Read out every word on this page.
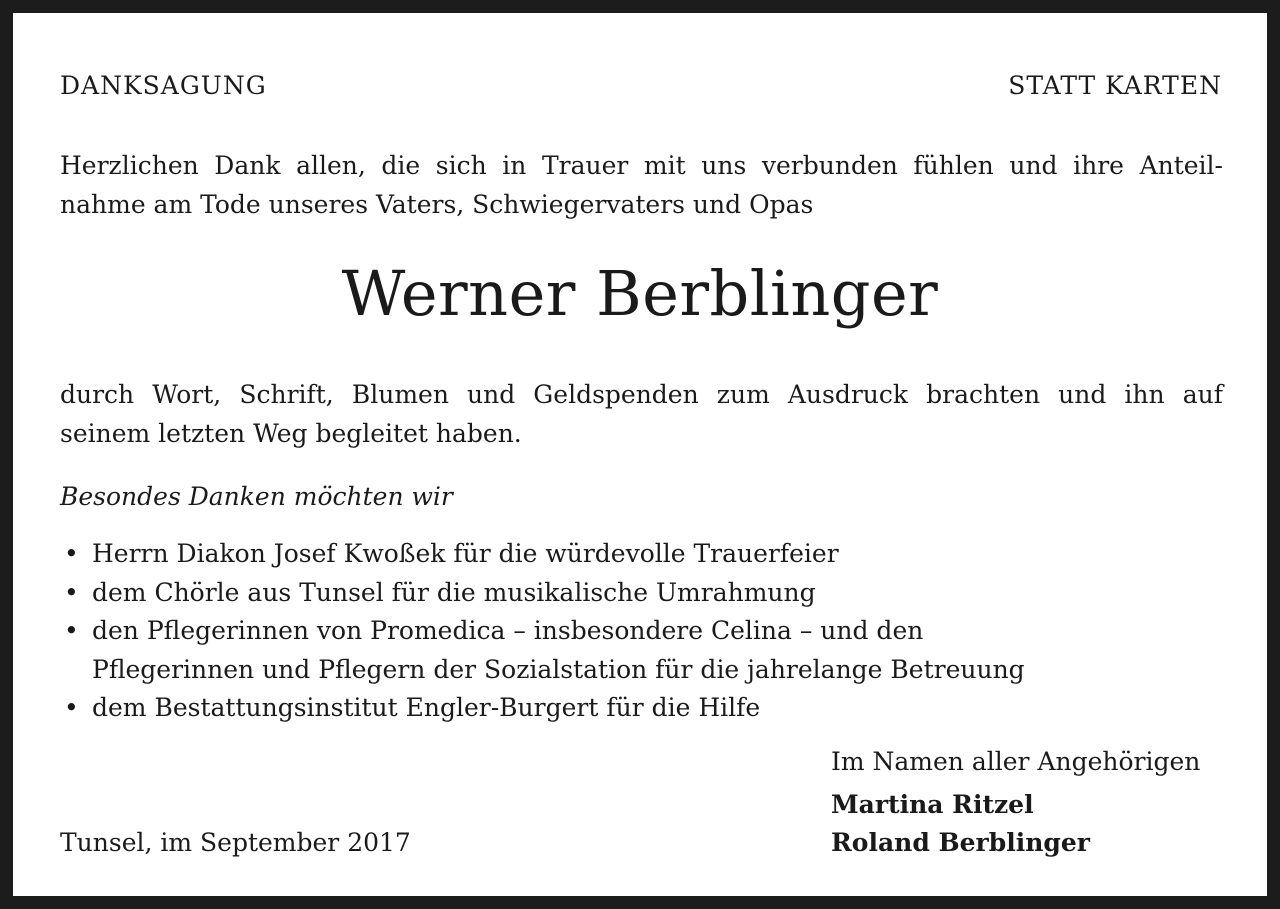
DANKSAGUNG	STATT KARTEN
Herzlichen Dank allen, die sich in Trauer mit uns verbunden fühlen und ihre Anteil-
nahme am Tode unseres Vaters, Schwiegervaters und Opas
Werner Berblinger
durch Wort, Schrift, Blumen und Geldspenden zum Ausdruck brachten und ihn auf
seinem letzten Weg begleitet haben.
Besondes Danken möchten wir
• Herrn Diakon Josef Kwoßek für die würdevolle Trauerfeier
• dem Chörle aus Tunsel für die musikalische Umrahmung
• den Pflegerinnen von Promedica – insbesondere Celina – und den
Pflegerinnen und Pflegern der Sozialstation für die jahrelange Betreuung
• dem Bestattungsinstitut Engler-Burgert für die Hilfe
Im Namen aller Angehörigen
Martina Ritzel
Roland Berblinger
Tunsel, im September 2017
